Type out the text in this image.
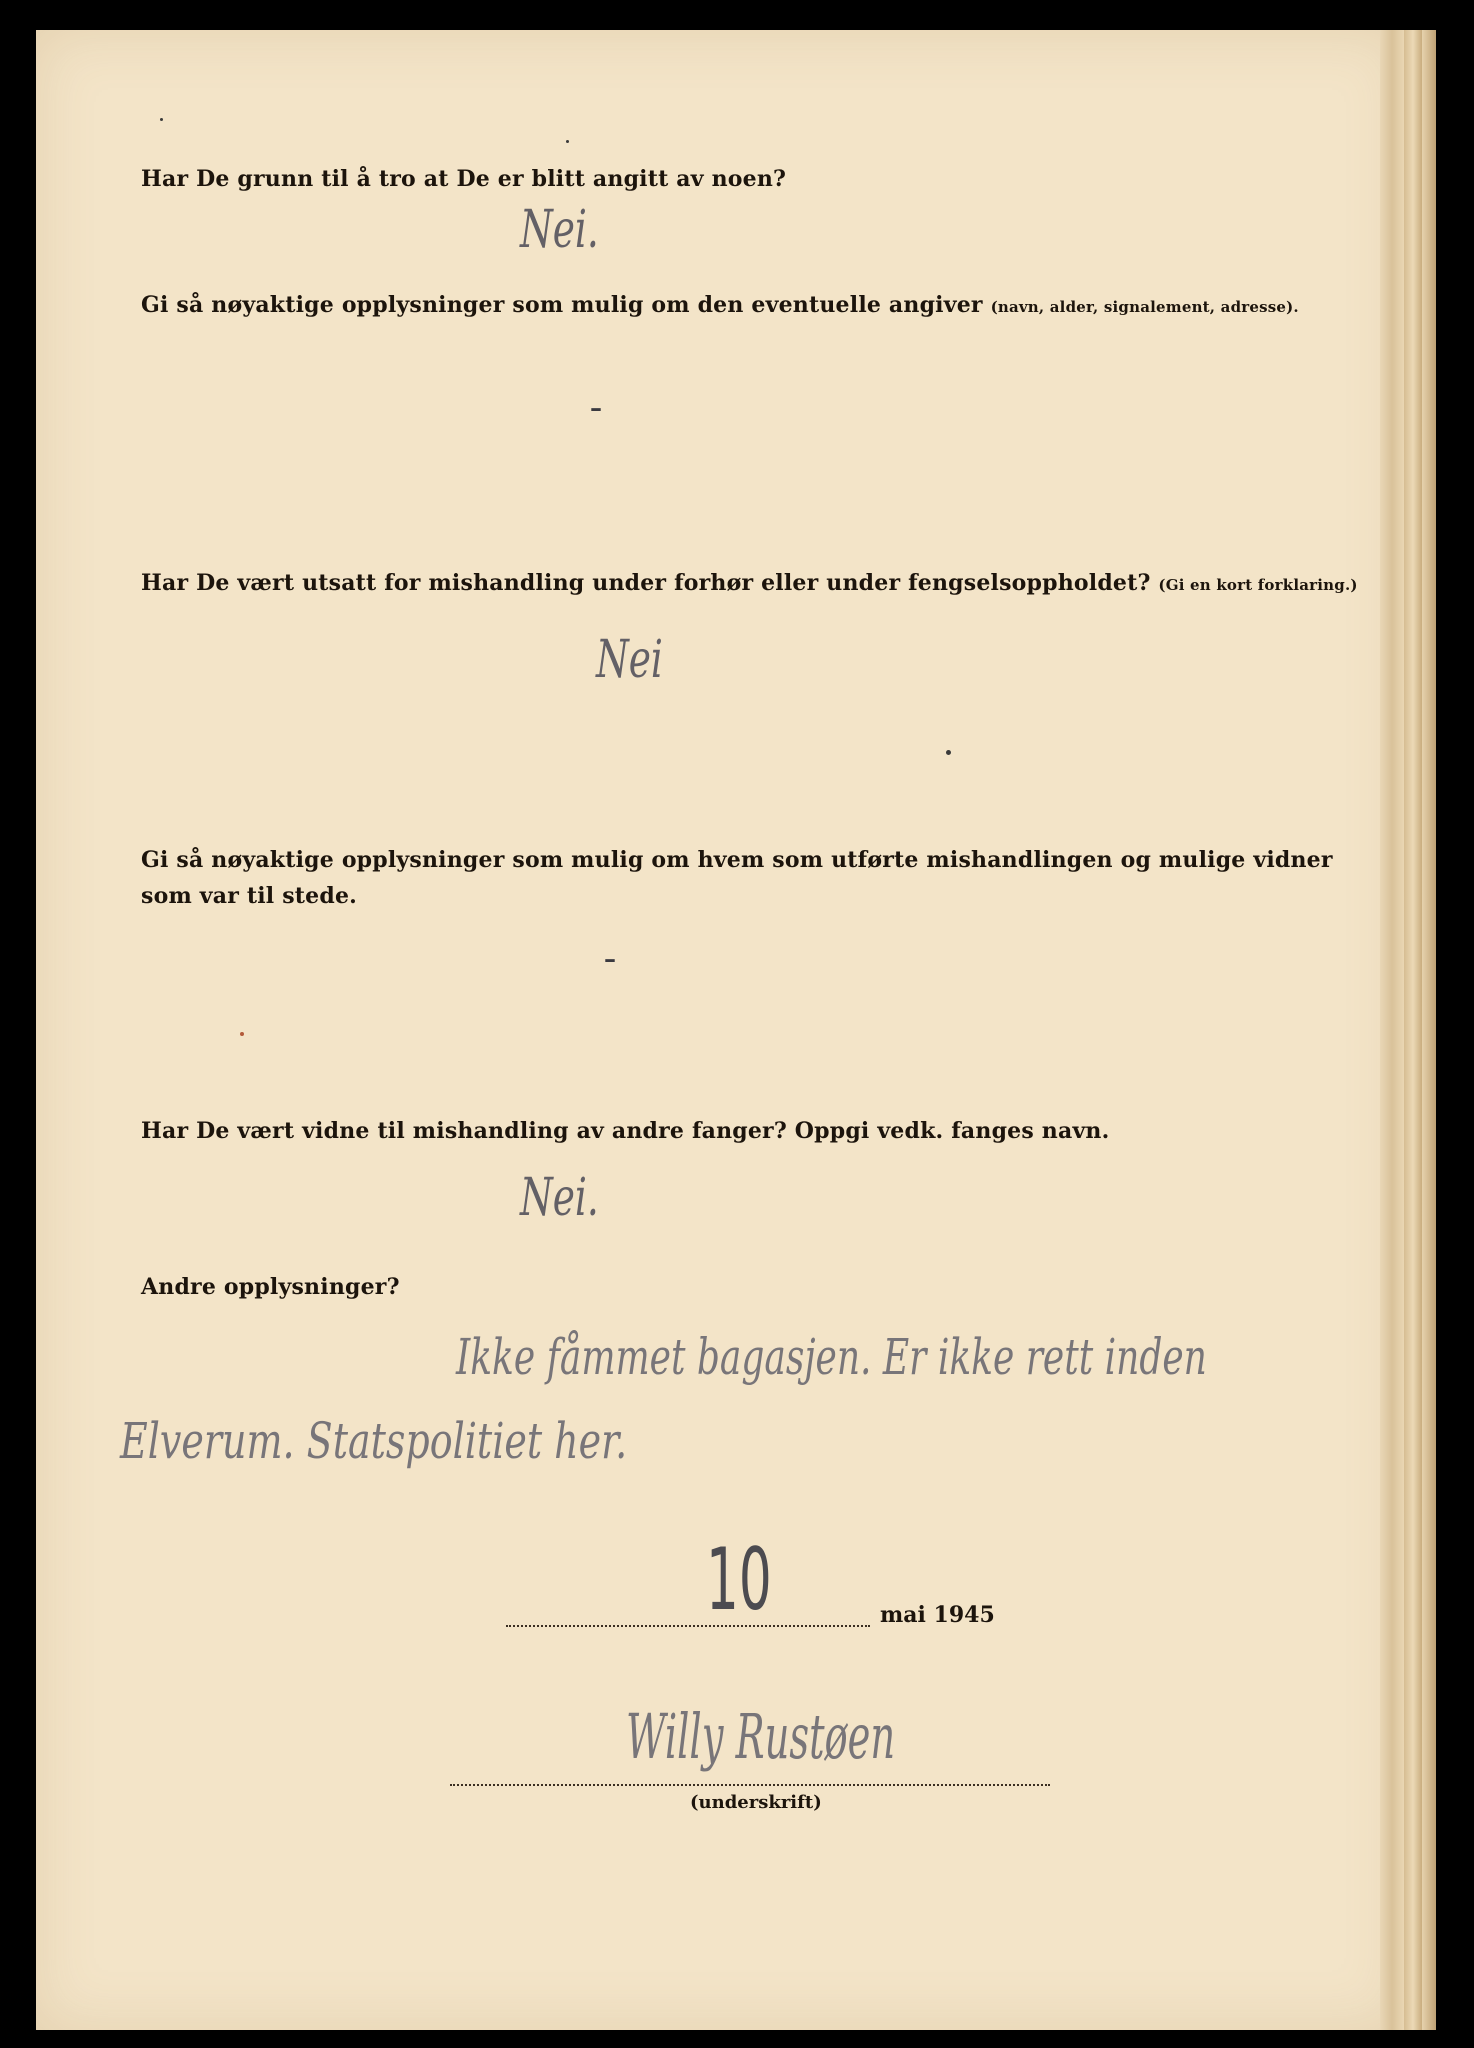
Har De grunn til å tro at De er blitt angitt av noen?
Nei.
Gi så nøyaktige opplysninger som mulig om den eventuelle angiver (navn, alder, signalement, adresse).
–
Har De vært utsatt for mishandling under forhør eller under fengselsoppholdet? (Gi en kort forklaring.)
Nei
Gi så nøyaktige opplysninger som mulig om hvem som utførte mishandlingen og mulige vidner som var til stede.
–
Har De vært vidne til mishandling av andre fanger? Oppgi vedk. fanges navn.
Nei.
Andre opplysninger?
Ikke fåmmet bagasjen. Er ikke rett inden
Elverum. Statspolitiet her.
10	mai 1945
Willy Rustøen
(underskrift)
